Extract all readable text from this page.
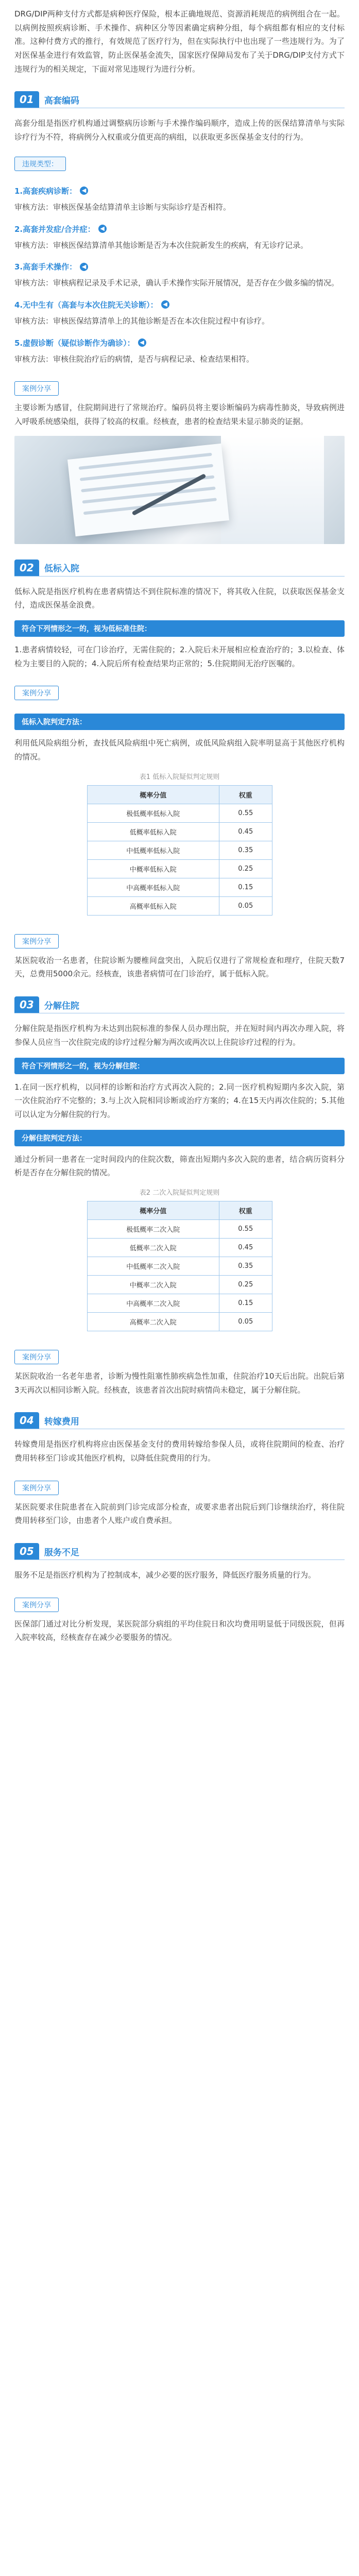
DRG/DIP两种支付方式都是病种医疗保险，根本正确地规范、资源消耗规范的病例组合在一起。以病例按照疾病诊断、手术操作、病种区分等因素确定病种分组，每个病组都有相应的支付标准。这种付费方式的推行，有效规范了医疗行为，但在实际执行中也出现了一些违规行为。为了对医保基金进行有效监管，防止医保基金流失，国家医疗保障局发布了关于DRG/DIP支付方式下违规行为的相关规定，下面对常见违规行为进行分析。

01	高套编码

高套分组是指医疗机构通过调整病历诊断与手术操作编码顺序，造成上传的医保结算清单与实际诊疗行为不符，将病例分入权重或分值更高的病组，以获取更多医保基金支付的行为。

违规类型：
1.高套疾病诊断： ◀

审核方法：审核医保基金结算清单主诊断与实际诊疗是否相符。

2.高套并发症/合并症： ◀

审核方法：审核医保结算清单其他诊断是否为本次住院新发生的疾病，有无诊疗记录。

3.高套手术操作： ◀

审核方法：审核病程记录及手术记录，确认手术操作实际开展情况，是否存在少做多编的情况。

4.无中生有（高套与本次住院无关诊断）： ◀

审核方法：审核医保结算清单上的其他诊断是否在本次住院过程中有诊疗。

5.虚假诊断（疑似诊断作为确诊）： ◀

审核方法：审核住院治疗后的病情，是否与病程记录、检查结果相符。

案例分享

主要诊断为感冒，住院期间进行了常规治疗。编码员将主要诊断编码为病毒性肺炎，导致病例进入呼吸系统感染组，获得了较高的权重。经核查，患者的检查结果未显示肺炎的证据。

02	低标入院

低标入院是指医疗机构在患者病情达不到住院标准的情况下，将其收入住院，以获取医保基金支付，造成医保基金浪费。

符合下列情形之一的，视为低标准住院：

1.患者病情较轻，可在门诊治疗，无需住院的；2.入院后未开展相应检查治疗的；3.以检查、体检为主要目的入院的；4.入院后所有检查结果均正常的；5.住院期间无治疗医嘱的。

案例分享
低标入院判定方法：

利用低风险病组分析，查找低风险病组中死亡病例，或低风险病组入院率明显高于其他医疗机构的情况。

表1 低标入院疑似判定规则
概率分值	权重
极低概率低标入院	0.55
低概率低标入院	0.45
中低概率低标入院	0.35
中概率低标入院	0.25
中高概率低标入院	0.15
高概率低标入院	0.05
案例分享

某医院收治一名患者，住院诊断为腰椎间盘突出，入院后仅进行了常规检查和理疗，住院天数7天，总费用5000余元。经核查，该患者病情可在门诊治疗，属于低标入院。

03	分解住院

分解住院是指医疗机构为未达到出院标准的参保人员办理出院，并在短时间内再次办理入院，将参保人员应当一次住院完成的诊疗过程分解为两次或两次以上住院诊疗过程的行为。

符合下列情形之一的，视为分解住院：

1.在同一医疗机构，以同样的诊断和治疗方式再次入院的；2.同一医疗机构短期内多次入院，第一次住院治疗不完整的；3.与上次入院相同诊断或治疗方案的；4.在15天内再次住院的；5.其他可以认定为分解住院的行为。

分解住院判定方法：

通过分析同一患者在一定时间段内的住院次数，筛查出短期内多次入院的患者，结合病历资料分析是否存在分解住院的情况。

表2 二次入院疑似判定规则
概率分值	权重
极低概率二次入院	0.55
低概率二次入院	0.45
中低概率二次入院	0.35
中概率二次入院	0.25
中高概率二次入院	0.15
高概率二次入院	0.05
案例分享

某医院收治一名老年患者，诊断为慢性阻塞性肺疾病急性加重，住院治疗10天后出院。出院后第3天再次以相同诊断入院。经核查，该患者首次出院时病情尚未稳定，属于分解住院。

04	转嫁费用

转嫁费用是指医疗机构将应由医保基金支付的费用转嫁给参保人员，或将住院期间的检查、治疗费用转移至门诊或其他医疗机构，以降低住院费用的行为。

案例分享

某医院要求住院患者在入院前到门诊完成部分检查，或要求患者出院后到门诊继续治疗，将住院费用转移至门诊，由患者个人账户或自费承担。

05	服务不足

服务不足是指医疗机构为了控制成本，减少必要的医疗服务，降低医疗服务质量的行为。

案例分享

医保部门通过对比分析发现，某医院部分病组的平均住院日和次均费用明显低于同级医院，但再入院率较高，经核查存在减少必要服务的情况。
